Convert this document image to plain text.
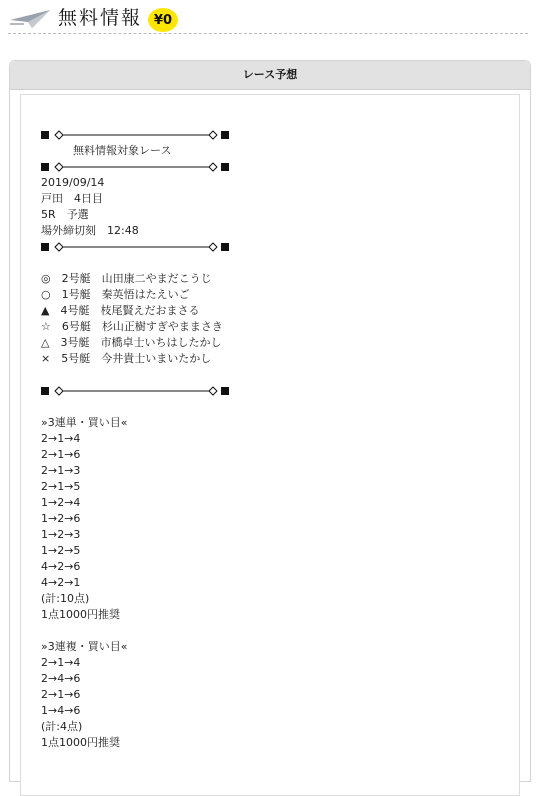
無料情報 ¥0
レース予想
無料情報対象レース
2019/09/14
戸田　4日目
5R　予選
場外締切刻　12:48
◎　2号艇　山田康二やまだこうじ
○　1号艇　秦英悟はたえいご
▲　4号艇　枝尾賢えだおまさる
☆　6号艇　杉山正樹すぎやままさき
△　3号艇　市橋卓士いちはしたかし
×　5号艇　今井貴士いまいたかし
»3連単・買い目«
2→1→4
2→1→6
2→1→3
2→1→5
1→2→4
1→2→6
1→2→3
1→2→5
4→2→6
4→2→1
(計:10点)
1点1000円推奨
»3連複・買い目«
2→1→4
2→4→6
2→1→6
1→4→6
(計:4点)
1点1000円推奨
